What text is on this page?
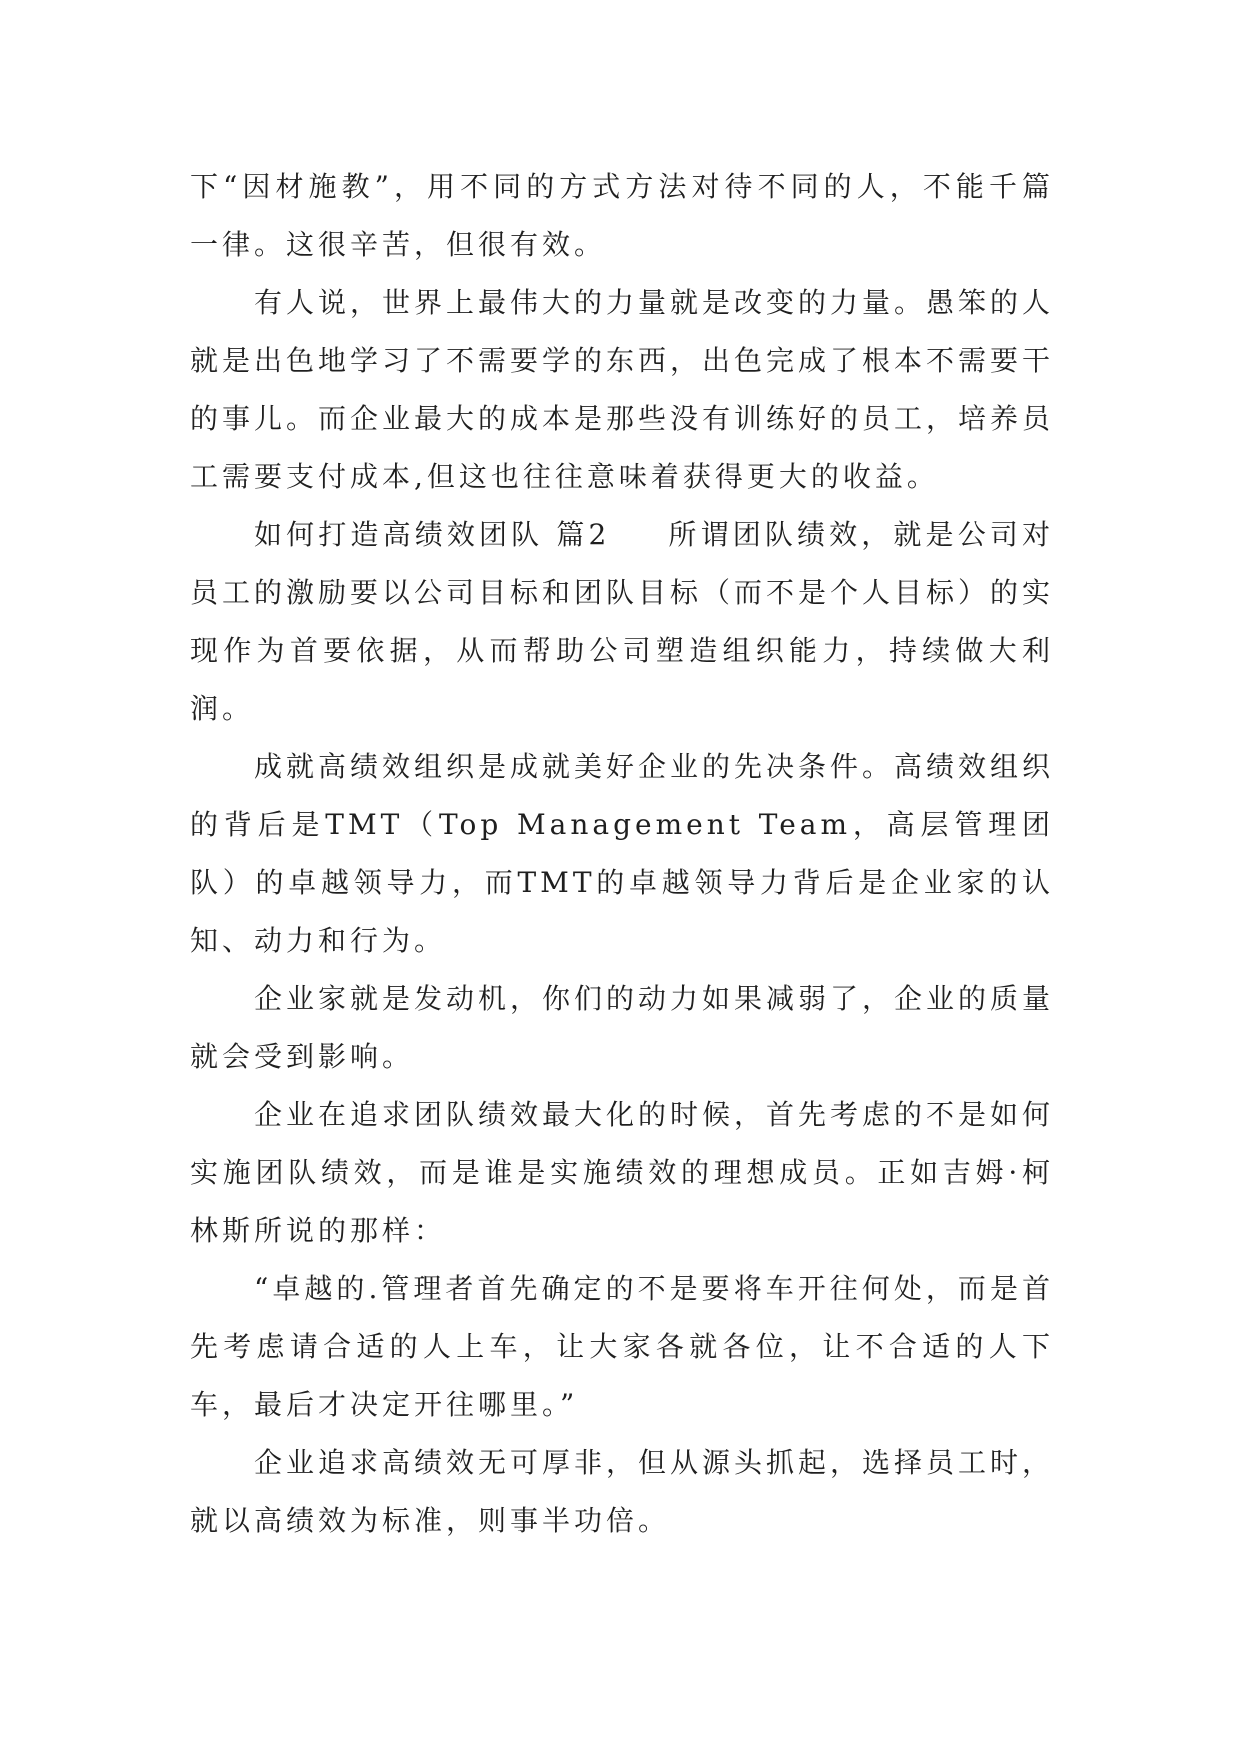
下“因材施教”，用不同的方式方法对待不同的人，不能千篇一律。这很辛苦，但很有效。

有人说，世界上最伟大的力量就是改变的力量。愚笨的人就是出色地学习了不需要学的东西，出色完成了根本不需要干的事儿。而企业最大的成本是那些没有训练好的员工，培养员工需要支付成本,但这也往往意味着获得更大的收益。

如何打造高绩效团队 篇2 所谓团队绩效，就是公司对员工的激励要以公司目标和团队目标（而不是个人目标）的实现作为首要依据，从而帮助公司塑造组织能力，持续做大利润。

成就高绩效组织是成就美好企业的先决条件。高绩效组织的背后是TMT（Top Management Team，高层管理团队）的卓越领导力，而TMT的卓越领导力背后是企业家的认知、动力和行为。

企业家就是发动机，你们的动力如果减弱了，企业的质量就会受到影响。

企业在追求团队绩效最大化的时候，首先考虑的不是如何实施团队绩效，而是谁是实施绩效的理想成员。正如吉姆·柯林斯所说的那样：

“卓越的.管理者首先确定的不是要将车开往何处，而是首先考虑请合适的人上车，让大家各就各位，让不合适的人下车，最后才决定开往哪里。”

企业追求高绩效无可厚非，但从源头抓起，选择员工时，就以高绩效为标准，则事半功倍。
